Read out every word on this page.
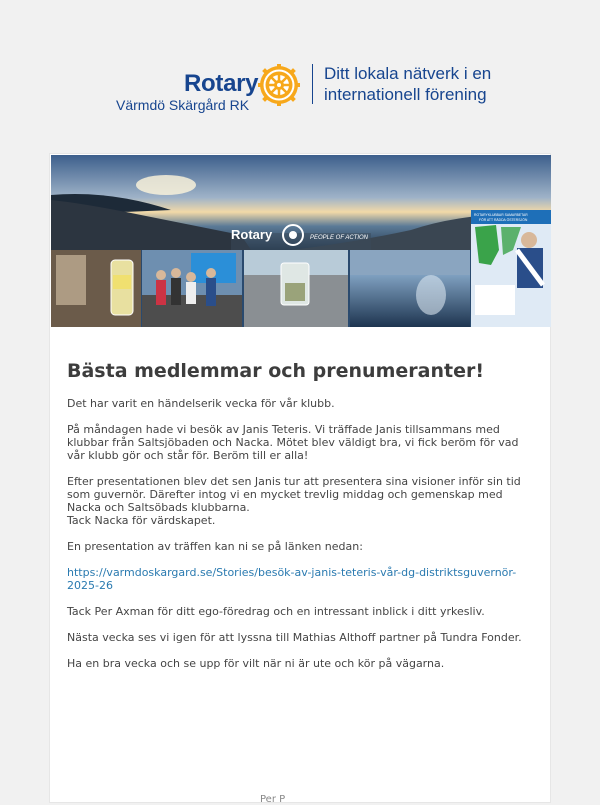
Rotary
Värmdö Skärgård RK
Ditt lokala nätverk i en
internationell förening
Rotary	PEOPLE OF ACTION
ROTARYKLUBBAR SAMARBETAR
FÖR ATT RÄDDA ÖSTERSJÖN
Bästa medlemmar och prenumeranter!

Det har varit en händelserik vecka för vår klubb.

På måndagen hade vi besök av Janis Teteris. Vi träffade Janis tillsammans med klubbar från Saltsjöbaden och Nacka. Mötet blev väldigt bra, vi fick beröm för vad vår klubb gör och står för. Beröm till er alla!

Efter presentationen blev det sen Janis tur att presentera sina visioner inför sin tid som guvernör. Därefter intog vi en mycket trevlig middag och gemenskap med Nacka och Saltsöbads klubbarna.
Tack Nacka för värdskapet.

En presentation av träffen kan ni se på länken nedan:

https://varmdoskargard.se/Stories/besök-av-janis-teteris-vår-dg-distriktsguvernör-2025-26

Tack Per Axman för ditt ego-föredrag och en intressant inblick i ditt yrkesliv.

Nästa vecka ses vi igen för att lyssna till Mathias Althoff partner på Tundra Fonder.

Ha en bra vecka och se upp för vilt när ni är ute och kör på vägarna.

Per P
